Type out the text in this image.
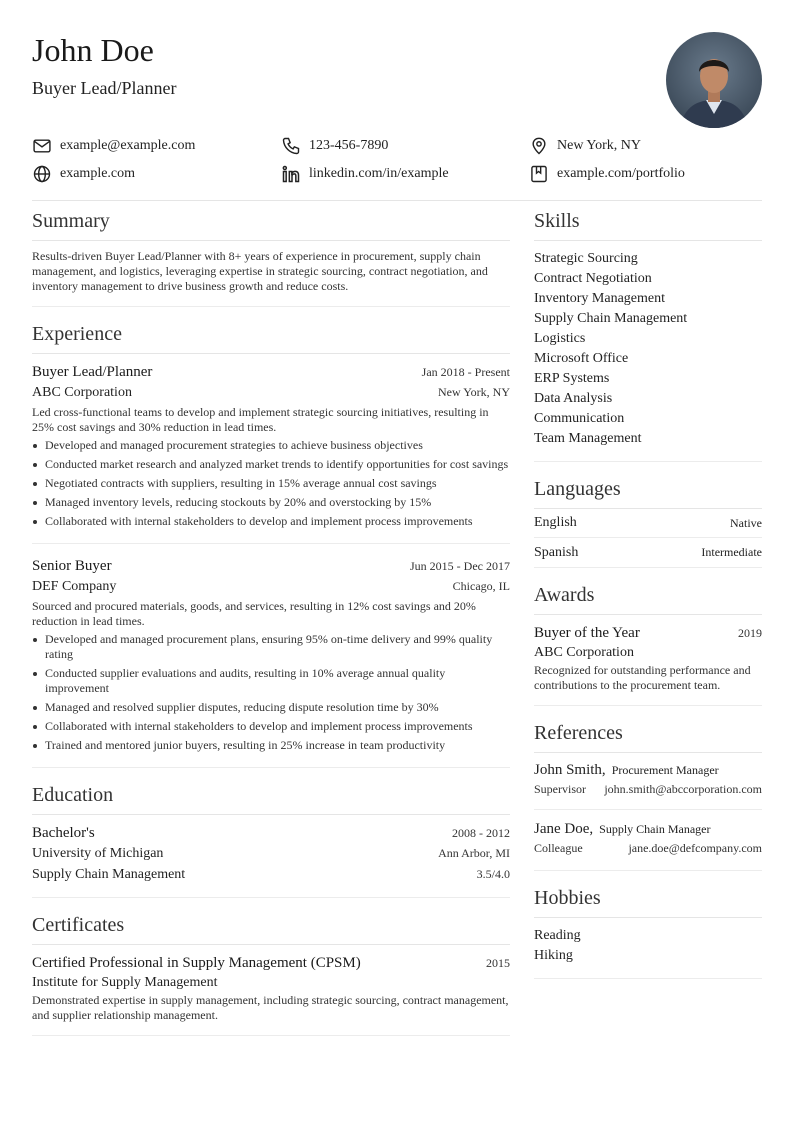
John Doe
Buyer Lead/Planner
example@example.com	123-456-7890	New York, NY
example.com	linkedin.com/in/example	example.com/portfolio
Summary
Results-driven Buyer Lead/Planner with 8+ years of experience in procurement, supply chain management, and logistics, leveraging expertise in strategic sourcing, contract negotiation, and inventory management to drive business growth and reduce costs.
Experience
Buyer Lead/Planner	Jan 2018 - Present
ABC Corporation	New York, NY
Led cross-functional teams to develop and implement strategic sourcing initiatives, resulting in 25% cost savings and 30% reduction in lead times.
Developed and managed procurement strategies to achieve business objectives
Conducted market research and analyzed market trends to identify opportunities for cost savings
Negotiated contracts with suppliers, resulting in 15% average annual cost savings
Managed inventory levels, reducing stockouts by 20% and overstocking by 15%
Collaborated with internal stakeholders to develop and implement process improvements
Senior Buyer	Jun 2015 - Dec 2017
DEF Company	Chicago, IL
Sourced and procured materials, goods, and services, resulting in 12% cost savings and 20% reduction in lead times.
Developed and managed procurement plans, ensuring 95% on-time delivery and 99% quality rating
Conducted supplier evaluations and audits, resulting in 10% average annual quality improvement
Managed and resolved supplier disputes, reducing dispute resolution time by 30%
Collaborated with internal stakeholders to develop and implement process improvements
Trained and mentored junior buyers, resulting in 25% increase in team productivity
Education
Bachelor's	2008 - 2012
University of Michigan	Ann Arbor, MI
Supply Chain Management	3.5/4.0
Certificates
Certified Professional in Supply Management (CPSM)	2015
Institute for Supply Management
Demonstrated expertise in supply management, including strategic sourcing, contract management, and supplier relationship management.
Skills
Strategic Sourcing
Contract Negotiation
Inventory Management
Supply Chain Management
Logistics
Microsoft Office
ERP Systems
Data Analysis
Communication
Team Management
Languages
English	Native
Spanish	Intermediate
Awards
Buyer of the Year	2019
ABC Corporation
Recognized for outstanding performance and contributions to the procurement team.
References
John Smith, Procurement Manager
Supervisor john.smith@abccorporation.com
Jane Doe, Supply Chain Manager
Colleague	jane.doe@defcompany.com
Hobbies
Reading
Hiking
